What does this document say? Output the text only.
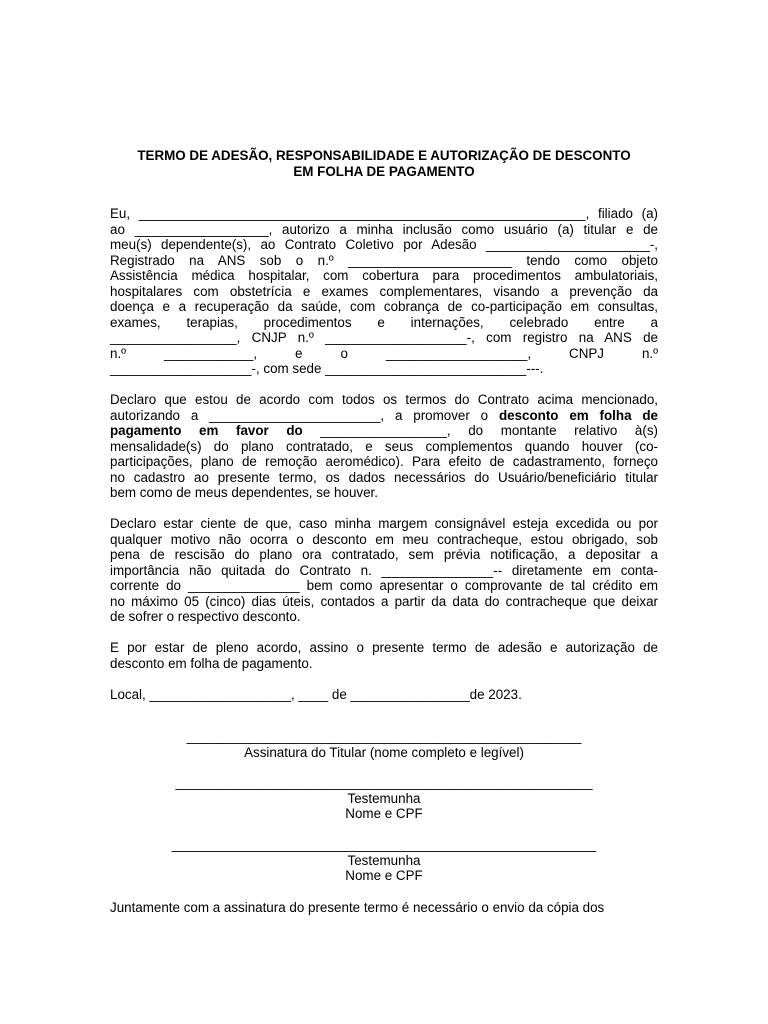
TERMO DE ADESÃO, RESPONSABILIDADE E AUTORIZAÇÃO DE DESCONTO
EM FOLHA DE PAGAMENTO
Eu, ____________________________________________________________, filiado (a)
ao __________________, autorizo a minha inclusão como usuário (a) titular e de
meu(s) dependente(s), ao Contrato Coletivo por Adesão ______________________-,
Registrado na ANS sob o n.º ______________________ tendo como objeto
Assistência médica hospitalar, com cobertura para procedimentos ambulatoriais,
hospitalares com obstetrícia e exames complementares, visando a prevenção da
doença e a recuperação da saúde, com cobrança de co-participação em consultas,
exames, terapias, procedimentos e internações, celebrado entre a
_________________, CNJP n.º ___________________-, com registro na ANS de
n.º ____________, e o ___________________, CNPJ n.º
___________________-, com sede ___________________________---.
Declaro que estou de acordo com todos os termos do Contrato acima mencionado,
autorizando a _______________________, a promover o desconto em folha de
pagamento em favor do _________________, do montante relativo à(s)
mensalidade(s) do plano contratado, e seus complementos quando houver (co-
participações, plano de remoção aeromédico). Para efeito de cadastramento, forneço
no cadastro ao presente termo, os dados necessários do Usuário/beneficiário titular
bem como de meus dependentes, se houver.
Declaro estar ciente de que, caso minha margem consignável esteja excedida ou por
qualquer motivo não ocorra o desconto em meu contracheque, estou obrigado, sob
pena de rescisão do plano ora contratado, sem prévia notificação, a depositar a
importância não quitada do Contrato n. _______________-- diretamente em conta-
corrente do _______________ bem como apresentar o comprovante de tal crédito em
no máximo 05 (cinco) dias úteis, contados a partir da data do contracheque que deixar
de sofrer o respectivo desconto.
E por estar de pleno acordo, assino o presente termo de adesão e autorização de
desconto em folha de pagamento.
Local, ___________________, ____ de ________________de 2023.
_____________________________________________________
Assinatura do Titular (nome completo e legível)
________________________________________________________
Testemunha
Nome e CPF
_________________________________________________________
Testemunha
Nome e CPF
Juntamente com a assinatura do presente termo é necessário o envio da cópia dos
